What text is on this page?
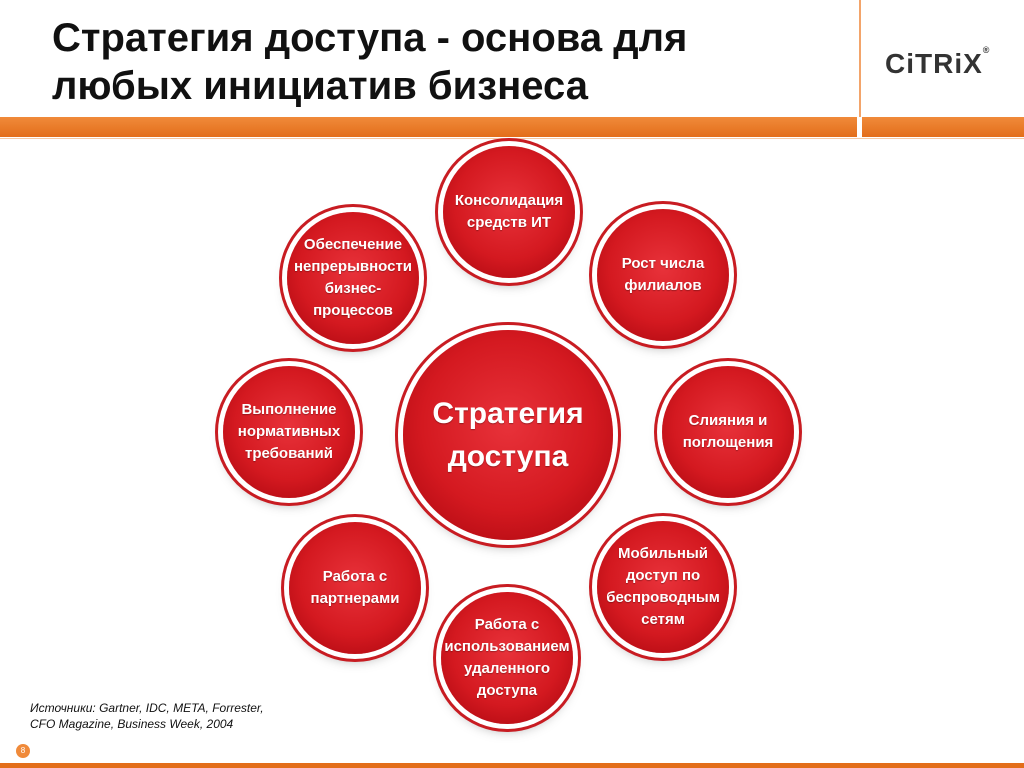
Стратегия доступа - основа для
любых инициатив бизнеса
CiTRiX®
Стратегия
доступа
Консолидация
средств ИТ
Рост числа
филиалов
Слияния и
поглощения
Мобильный
доступ по
беспроводным
сетям
Работа с
использованием
удаленного
доступа
Работа с
партнерами
Выполнение
нормативных
требований
Обеспечение
непрерывности
бизнес-
процессов
Источники: Gartner, IDC, META, Forrester,
CFO Magazine, Business Week, 2004
8
